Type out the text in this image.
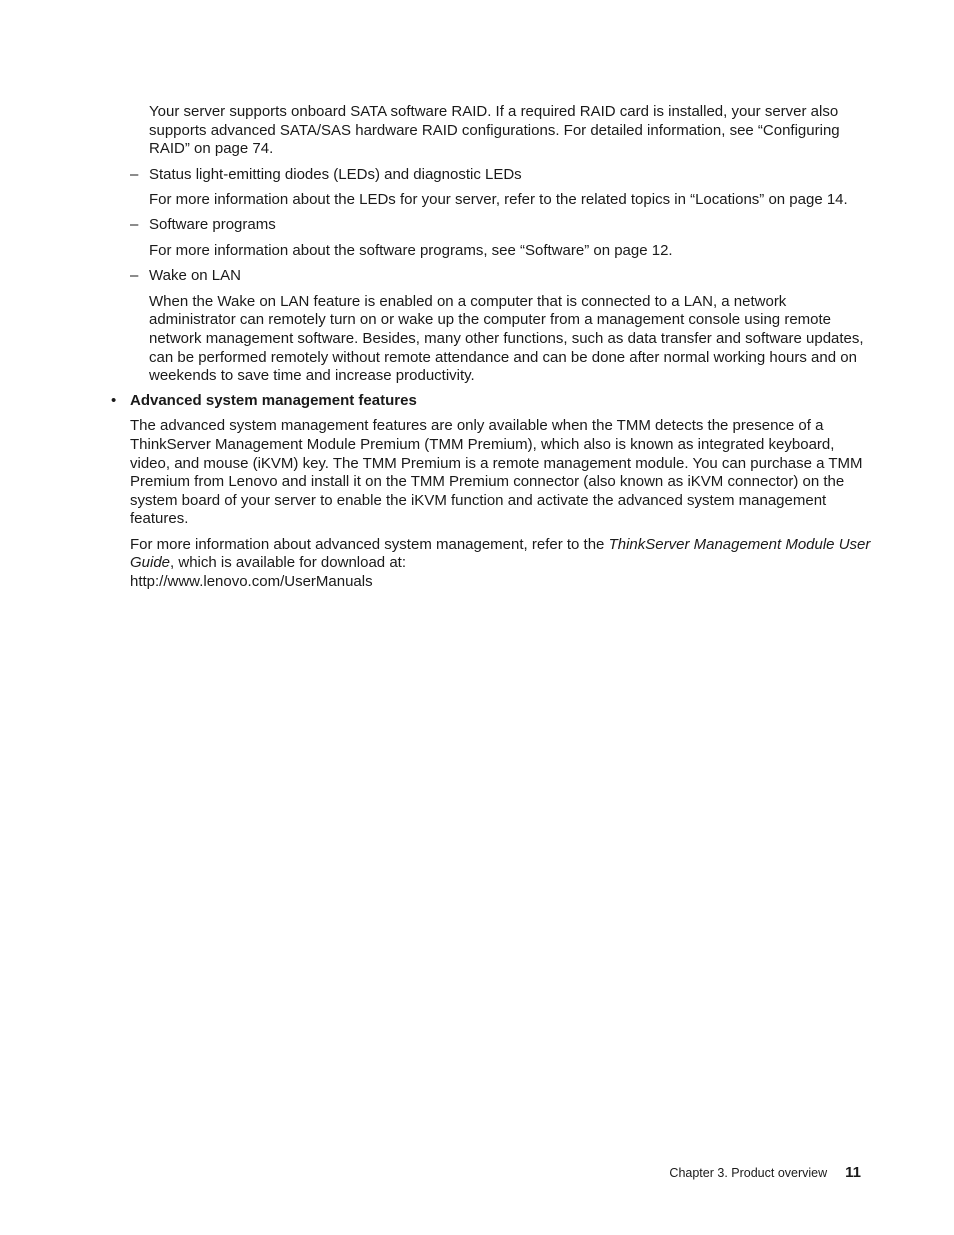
Your server supports onboard SATA software RAID. If a required RAID card is installed, your server also supports advanced SATA/SAS hardware RAID configurations. For detailed information, see “Configuring RAID” on page 74.

– Status light-emitting diodes (LEDs) and diagnostic LEDs

For more information about the LEDs for your server, refer to the related topics in “Locations” on page 14.

– Software programs

For more information about the software programs, see “Software” on page 12.

– Wake on LAN

When the Wake on LAN feature is enabled on a computer that is connected to a LAN, a network administrator can remotely turn on or wake up the computer from a management console using remote network management software. Besides, many other functions, such as data transfer and software updates, can be performed remotely without remote attendance and can be done after normal working hours and on weekends to save time and increase productivity.

• Advanced system management features

The advanced system management features are only available when the TMM detects the presence of a ThinkServer Management Module Premium (TMM Premium), which also is known as integrated keyboard, video, and mouse (iKVM) key. The TMM Premium is a remote management module. You can purchase a TMM Premium from Lenovo and install it on the TMM Premium connector (also known as iKVM connector) on the system board of your server to enable the iKVM function and activate the advanced system management features.

For more information about advanced system management, refer to the ThinkServer Management Module User Guide, which is available for download at:
http://www.lenovo.com/UserManuals

Chapter 3. Product overview 11
